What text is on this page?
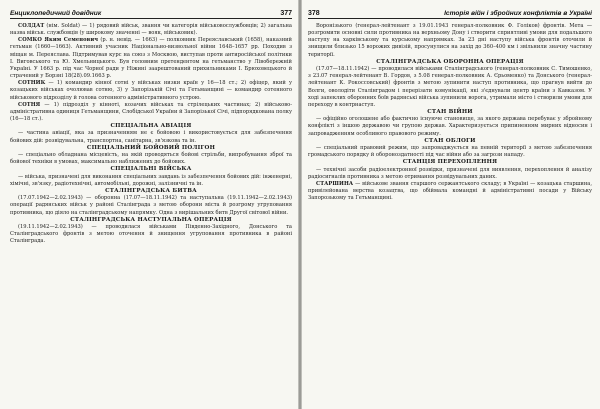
Енциклопедичний довідник	377

СОЛДАТ (нім. Soldat) — 1) рядовий військ, звання чи категорія військовослужбовців; 2) загальна назва військ. службовців (у широкому значенні — вояк, військовик).

СОМКО Яким Семенович (р. н. невід. — 1663) — полковник Переяславський (1658), наказний гетьман (1660—1663). Активний учасник Національно-визвольної війни 1648–1657 рр. Походив з міщан м. Переяслава. Підтримував курс на союз з Москвою, виступав проти антиросійської політики І. Виговського та Ю. Хмельницького. Був головним претендентом на гетьманство у Лівобережній Україні. У 1663 р. під час Чорної ради у Ніжині заарештований прихильниками І. Брюховецького й страчений у Борзні 18(28).09.1663 р.

СОТНИК — 1) командир кінної сотні у військах низки країн у 16—18 ст.; 2) офіцер, який у козацьких військах очолював сотню, 3) у Запорізькій Січі та Гетьманщині — командир сотенного військового підрозділу й голова сотенного адміністративного устрою.

СОТНЯ — 1) підрозділ у кінноті, козачих військах та стрілецьких частинах; 2) військово-адміністративна одиниця Гетьманщини, Слобідської України й Запорізької Січі, підпорядкована полку (16—18 ст.).

СПЕЦІАЛЬНА АВІАЦІЯ

— частина авіації, яка за призначенням не є бойовою і використовується для забезпечення бойових дій: розвідувальна, транспортна, санітарна, зв'язкова та ін.

СПЕЦІАЛЬНИЙ БОЙОВИЙ ПОЛІГОН

— спеціально обладнана місцевість, на якій проводяться бойові стрільби, випробування зброї та бойової техніки в умовах, максимально наближених до бойових.

СПЕЦІАЛЬНІ ВІЙСЬКА

— війська, призначені для виконання спеціальних завдань із забезпечення бойових дій: інженерні, хімічні, зв'язку, радіотехнічні, автомобільні, дорожні, залізничні та ін.

СТАЛІНГРАДСЬКА БИТВА

(17.07.1942—2.02.1943) — оборонна (17.07—18.11.1942) та наступальна (19.11.1942—2.02.1943) операції радянських військ у районі Сталінграда з метою оборони міста й розгрому угруповання противника, що діяло на сталінградському напрямку. Одна з вирішальних битв Другої світової війни.

СТАЛІНГРАДСЬКА НАСТУПАЛЬНА ОПЕРАЦІЯ

(19.11.1942—2.02.1943) — проводилася військами Південно-Західного, Донського та Сталінградського фронтів з метою оточення й знищення угруповання противника в районі Сталінграда.

378	Історія війн і збройних конфліктів в Україні

Воронізького (генерал-лейтенант з 19.01.1943 генерал-полковник Ф. Голіков) фронтів. Мета — розгромити основні сили противника на верхньому Дону і створити сприятливі умови для подальшого наступу на харківському та курському напрямках. За 23 дні наступу війська фронтів оточили й знищили близько 15 ворожих дивізій, просунулися на захід до 360–400 км і звільнили значну частину території.

СТАЛІНГРАДСЬКА ОБОРОННА ОПЕРАЦІЯ

(17.07—18.11.1942) — проводилася військами Сталінградського (генерал-полковник С. Тимошенко, з 23.07 генерал-лейтенант В. Гордов, з 5.08 генерал-полковник А. Єрьоменко) та Донського (генерал-лейтенант К. Рокоссовський) фронтів з метою зупинити наступ противника, що прагнув вийти до Волги, оволодіти Сталінградом і перерізати комунікації, які з'єднували центр країни з Кавказом. У ході запеклих оборонних боїв радянські війська зупинили ворога, утримали місто і створили умови для переходу в контрнаступ.

СТАН ВІЙНИ

— офіційно оголошене або фактично існуюче становище, за якого держава перебуває у збройному конфлікті з іншою державою чи групою держав. Характеризується припиненням мирних відносин і запровадженням особливого правового режиму.

СТАН ОБЛОГИ

— спеціальний правовий режим, що запроваджується на певній території з метою забезпечення громадського порядку й обороноздатності під час війни або за загрози нападу.

СТАНЦІЯ ПЕРЕХОПЛЕННЯ

— технічні засоби радіоелектронної розвідки, призначені для виявлення, перехоплення й аналізу радіосигналів противника з метою отримання розвідувальних даних.

СТАРШИНА — військове звання старшого сержантського складу; в Україні — козацька старшина, привілейована верства козацтва, що обіймала командні й адміністративні посади у Війську Запорозькому та Гетьманщині.
